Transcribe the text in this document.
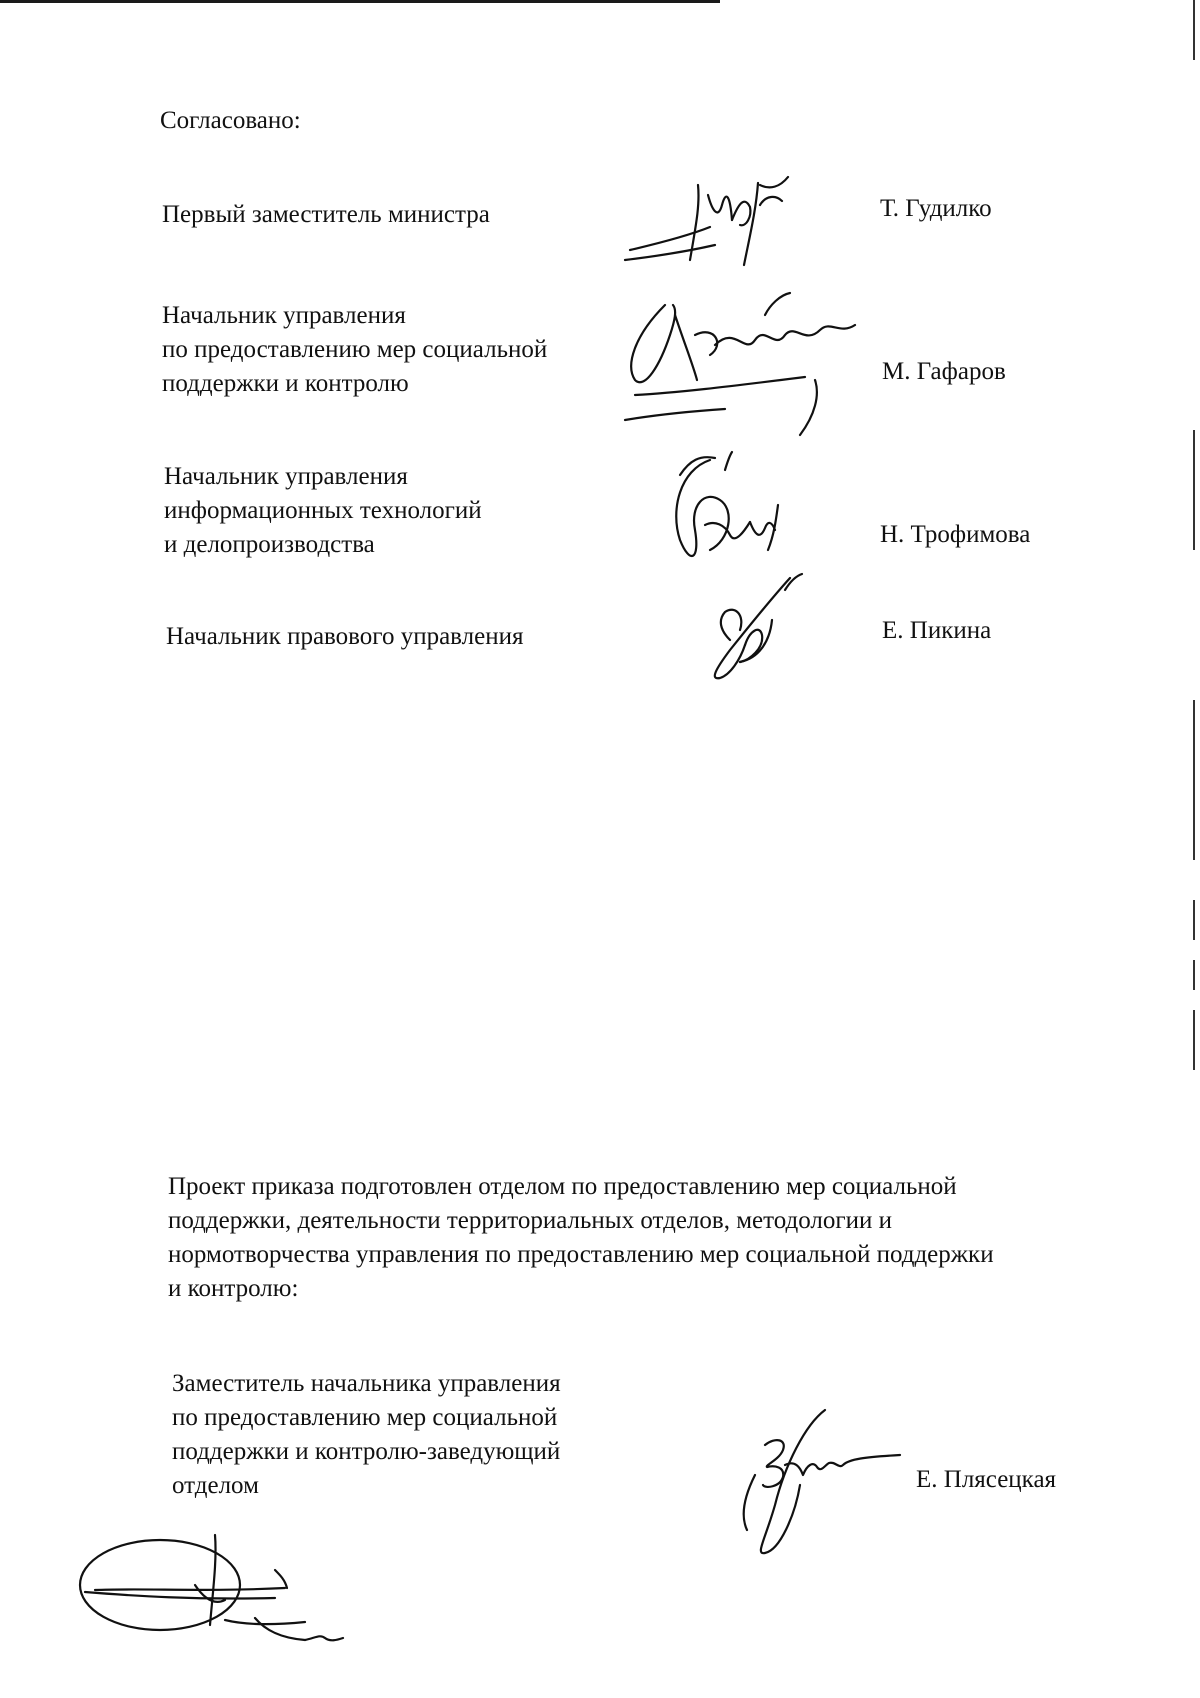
Согласовано:
Первый заместитель министра	Т. Гудилко
Начальник управления
по предоставлению мер социальной
поддержки и контролю	М. Гафаров
Начальник управления
информационных технологий
и делопроизводства	Н. Трофимова
Начальник правового управления	Е. Пикина
Проект приказа подготовлен отделом по предоставлению мер социальной
поддержки, деятельности территориальных отделов, методологии и
нормотворчества управления по предоставлению мер социальной поддержки
и контролю:
Заместитель начальника управления
по предоставлению мер социальной
поддержки и контролю-заведующий
отделом	Е. Плясецкая
